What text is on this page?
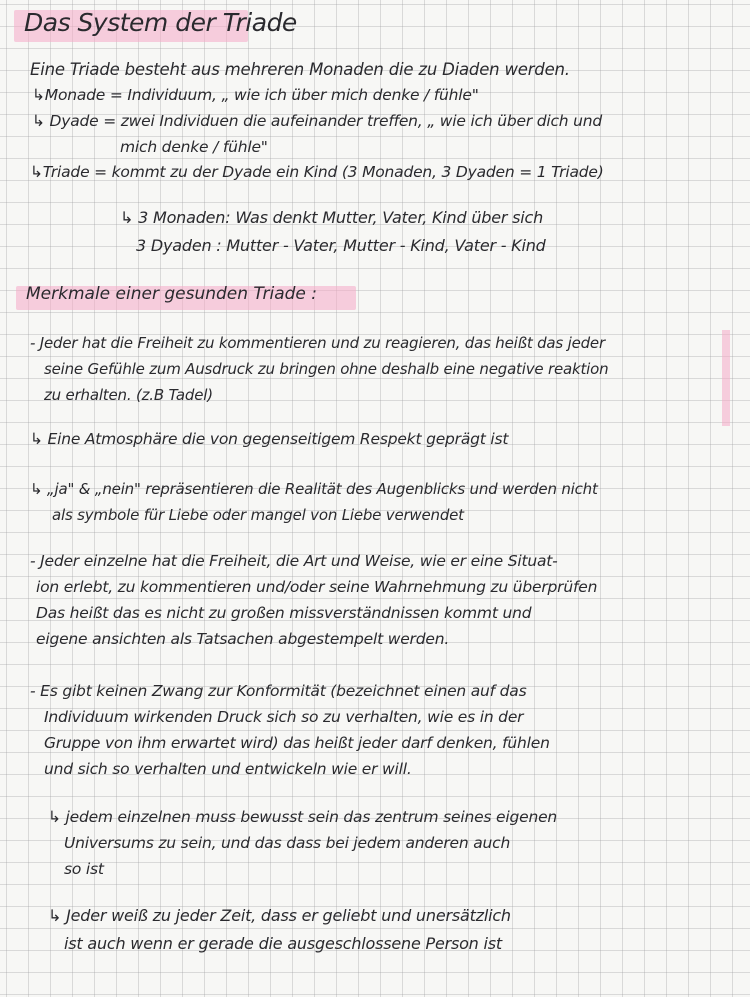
Das System der Triade
Eine Triade besteht aus mehreren Monaden die zu Diaden werden.
↳Monade = Individuum, „ wie ich über mich denke / fühle"
↳ Dyade = zwei Individuen die aufeinander treffen, „ wie ich über dich und
mich denke / fühle"
↳Triade = kommt zu der Dyade ein Kind (3 Monaden, 3 Dyaden = 1 Triade)
↳ 3 Monaden: Was denkt Mutter, Vater, Kind über sich
3 Dyaden : Mutter - Vater, Mutter - Kind, Vater - Kind
Merkmale einer gesunden Triade :
- Jeder hat die Freiheit zu kommentieren und zu reagieren, das heißt das jeder
seine Gefühle zum Ausdruck zu bringen ohne deshalb eine negative reaktion
zu erhalten. (z.B Tadel)
↳ Eine Atmosphäre die von gegenseitigem Respekt geprägt ist
↳ „ja" & „nein" repräsentieren die Realität des Augenblicks und werden nicht
als symbole für Liebe oder mangel von Liebe verwendet
- Jeder einzelne hat die Freiheit, die Art und Weise, wie er eine Situat-
ion erlebt, zu kommentieren und/oder seine Wahrnehmung zu überprüfen
Das heißt das es nicht zu großen missverständnissen kommt und
eigene ansichten als Tatsachen abgestempelt werden.
- Es gibt keinen Zwang zur Konformität (bezeichnet einen auf das
Individuum wirkenden Druck sich so zu verhalten, wie es in der
Gruppe von ihm erwartet wird) das heißt jeder darf denken, fühlen
und sich so verhalten und entwickeln wie er will.
↳ jedem einzelnen muss bewusst sein das zentrum seines eigenen
Universums zu sein, und das dass bei jedem anderen auch
so ist
↳ Jeder weiß zu jeder Zeit, dass er geliebt und unersätzlich
ist auch wenn er gerade die ausgeschlossene Person ist
